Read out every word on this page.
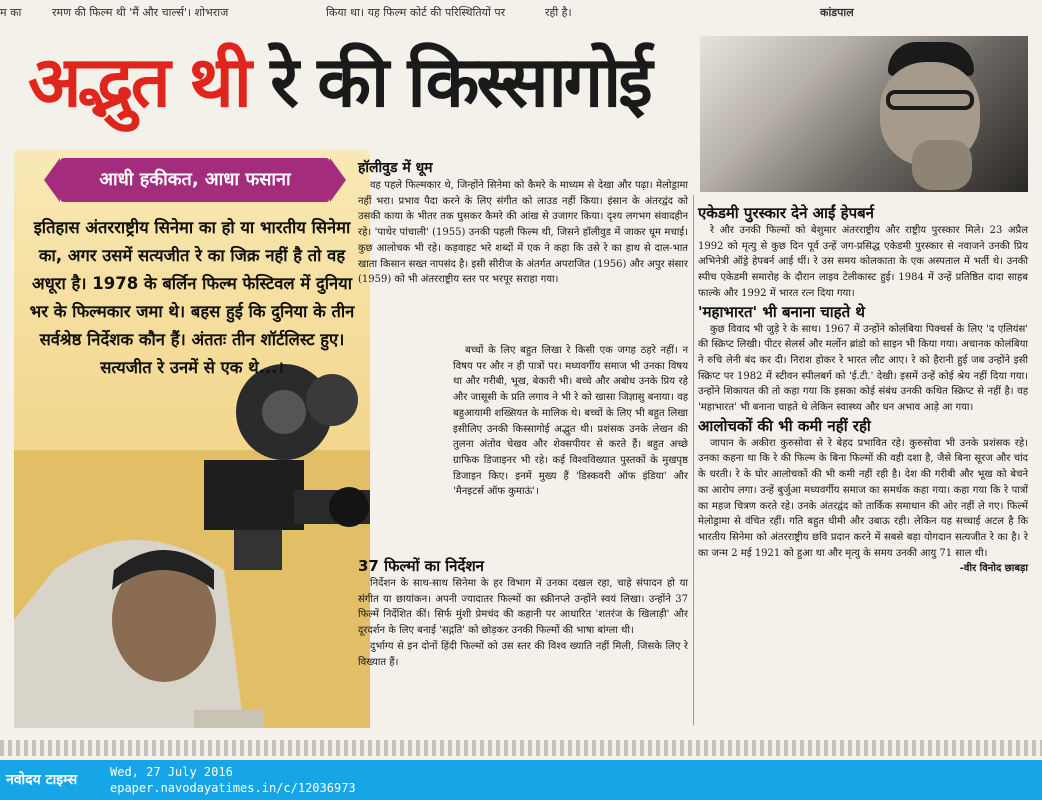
म का	रमण की फिल्म थी 'मैं और चार्ल्स'। शोभराज	किया था। यह फिल्म कोर्ट की परिस्थितियों पर	रही है।	कांडपाल
अद्भुत थी रे की किस्सागोई
आधी हकीकत, आधा फसाना
इतिहास अंतरराष्ट्रीय सिनेमा का हो या भारतीय सिनेमा का, अगर उसमें सत्यजीत रे का जिक्र नहीं है तो वह अधूरा है। 1978 के बर्लिन फिल्म फेस्टिवल में दुनिया भर के फिल्मकार जमा थे। बहस हुई कि दुनिया के तीन सर्वश्रेष्ठ निर्देशक कौन हैं। अंततः तीन शॉर्टलिस्ट हुए। सत्यजीत रे उनमें से एक थे...।
हॉलीवुड में धूम

वह पहले फिल्मकार थे, जिन्होंने सिनेमा को कैमरे के माध्यम से देखा और पढ़ा। मेलोड्रामा नहीं भरा। प्रभाव पैदा करने के लिए संगीत को लाउड नहीं किया। इंसान के अंतरद्वंद को उसकी काया के भीतर तक घुसकर कैमरे की आंख से उजागर किया। दृश्य लगभग संवादहीन रहे। 'पाथेर पांचाली' (1955) उनकी पहली फिल्म थी, जिसने हॉलीवुड में जाकर धूम मचाई। कुछ आलोचक भी रहे। कड़वाहट भरे शब्दों में एक ने कहा कि उसे रे का हाथ से दाल-भात खाता किसान सख्त नापसंद है। इसी सीरीज के अंतर्गत अपराजित (1956) और अपुर संसार (1959) को भी अंतरराष्ट्रीय स्तर पर भरपूर सराहा गया।

बच्चों के लिए बहुत लिखा रे किसी एक जगह ठहरे नहीं। न विषय पर और न ही पात्रों पर। मध्यवर्गीय समाज भी उनका विषय था और गरीबी, भूख, बेकारी भी। बच्चे और अबोध उनके प्रिय रहे और जासूसी के प्रति लगाव ने भी रे को खासा जिज्ञासु बनाया। वह बहुआयामी शख्सियत के मालिक थे। बच्चों के लिए भी बहुत लिखा इसीलिए उनकी किस्सागोई अद्भुत थी। प्रशंसक उनके लेखन की तुलना अंतोव चेखव और शेक्सपीयर से करते हैं। बहुत अच्छे ग्राफिक डिजाइनर भी रहे। कई विश्वविख्यात पुस्तकों के मुखपृष्ठ डिजाइन किए। इनमें मुख्य हैं 'डिस्कवरी ऑफ इंडिया' और 'मैनइटर्स ऑफ कुमाऊं'।

37 फिल्मों का निर्देशन

निर्देशन के साथ-साथ सिनेमा के हर विभाग में उनका दखल रहा, चाहे संपादन हो या संगीत या छायांकन। अपनी ज्यादातर फिल्मों का स्क्रीनप्ले उन्होंने स्वयं लिखा। उन्होंने 37 फिल्में निर्देशित कीं। सिर्फ मुंशी प्रेमचंद की कहानी पर आधारित 'शतरंज के खिलाड़ी' और दूरदर्शन के लिए बनाई 'सद्गति' को छोड़कर उनकी फिल्मों की भाषा बांग्ला थी।

दुर्भाग्य से इन दोनों हिंदी फिल्मों को उस स्तर की विश्व ख्याति नहीं मिली, जिसके लिए रे विख्यात हैं।

एकेडमी पुरस्कार देने आईं हेपबर्न

रे और उनकी फिल्मों को बेशुमार अंतरराष्ट्रीय और राष्ट्रीय पुरस्कार मिले। 23 अप्रैल 1992 को मृत्यु से कुछ दिन पूर्व उन्हें जग-प्रसिद्ध एकेडमी पुरस्कार से नवाजने उनकी प्रिय अभिनेत्री ऑड्रे हेपबर्न आई थीं। रे उस समय कोलकाता के एक अस्पताल में भर्ती थे। उनकी स्पीच एकेडमी समारोह के दौरान लाइव टेलीकास्ट हुई। 1984 में उन्हें प्रतिष्ठित दादा साहब फाल्के और 1992 में भारत रत्न दिया गया।

'महाभारत' भी बनाना चाहते थे

कुछ विवाद भी जुड़े रे के साथ। 1967 में उन्होंने कोलंबिया पिक्चर्स के लिए 'द एलियंस' की स्क्रिप्ट लिखी। पीटर सेलर्स और मर्लोन ब्रांडो को साइन भी किया गया। अचानक कोलंबिया ने रुचि लेनी बंद कर दी। निराश होकर रे भारत लौट आए। रे को हैरानी हुई जब उन्होंने इसी स्क्रिप्ट पर 1982 में स्टीवन स्पीलबर्ग को 'ई.टी.' देखी। इसमें उन्हें कोई श्रेय नहीं दिया गया। उन्होंने शिकायत की तो कहा गया कि इसका कोई संबंध उनकी कथित स्क्रिप्ट से नहीं है। वह 'महाभारत' भी बनाना चाहते थे लेकिन स्वास्थ्य और धन अभाव आड़े आ गया।

आलोचकों की भी कमी नहीं रही

जापान के अकीरा कुरुसोवा से रे बेहद प्रभावित रहे। कुरुसोवा भी उनके प्रशंसक रहे। उनका कहना था कि रे की फिल्म के बिना फिल्मों की वही दशा है, जैसे बिना सूरज और चांद के धरती। रे के घोर आलोचकों की भी कमी नहीं रही है। देश की गरीबी और भूख को बेचने का आरोप लगा। उन्हें बुर्जुआ मध्यवर्गीय समाज का समर्थक कहा गया। कहा गया कि रे पात्रों का महज चित्रण करते रहे। उनके अंतरद्वंद को तार्किक समाधान की ओर नहीं ले गए। फिल्में मेलोड्रामा से वंचित रहीं। गति बहुत धीमी और उबाऊ रही। लेकिन यह सच्चाई अटल है कि भारतीय सिनेमा को अंतरराष्ट्रीय छवि प्रदान करने में सबसे बड़ा योगदान सत्यजीत रे का है। रे का जन्म 2 मई 1921 को हुआ था और मृत्यु के समय उनकी आयु 71 साल थी।

-वीर विनोद छाबड़ा

नवोदय टाइम्स	Wed, 27 July 2016
epaper.navodayatimes.in/c/12036973
